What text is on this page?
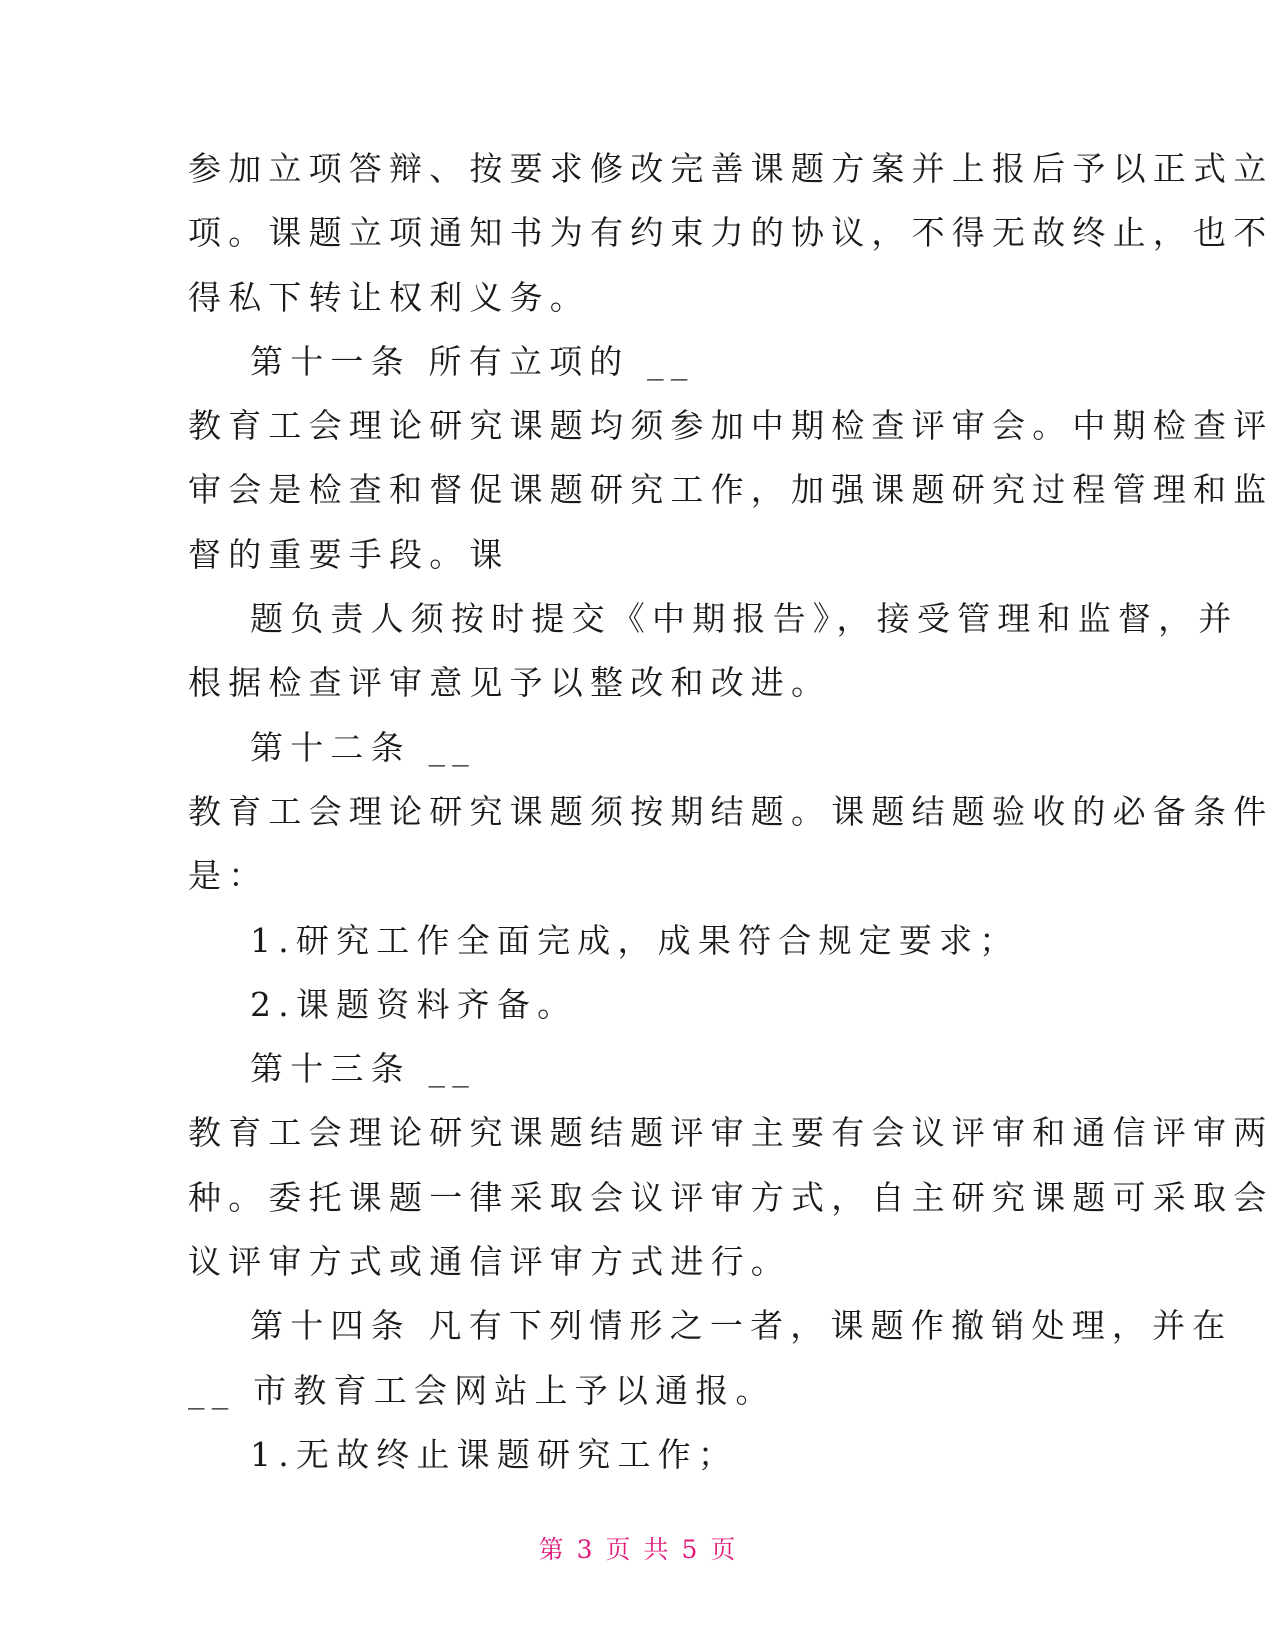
参加立项答辩、按要求修改完善课题方案并上报后予以正式立
项。课题立项通知书为有约束力的协议，不得无故终止，也不
得私下转让权利义务。
第十一条 所有立项的 __
教育工会理论研究课题均须参加中期检查评审会。中期检查评
审会是检查和督促课题研究工作，加强课题研究过程管理和监
督的重要手段。课
题负责人须按时提交《中期报告》，接受管理和监督，并
根据检查评审意见予以整改和改进。
第十二条 __
教育工会理论研究课题须按期结题。课题结题验收的必备条件
是：
1.研究工作全面完成，成果符合规定要求；
2.课题资料齐备。
第十三条 __
教育工会理论研究课题结题评审主要有会议评审和通信评审两
种。委托课题一律采取会议评审方式，自主研究课题可采取会
议评审方式或通信评审方式进行。
第十四条 凡有下列情形之一者，课题作撤销处理，并在
__ 市教育工会网站上予以通报。
1.无故终止课题研究工作；
第 3 页 共 5 页
